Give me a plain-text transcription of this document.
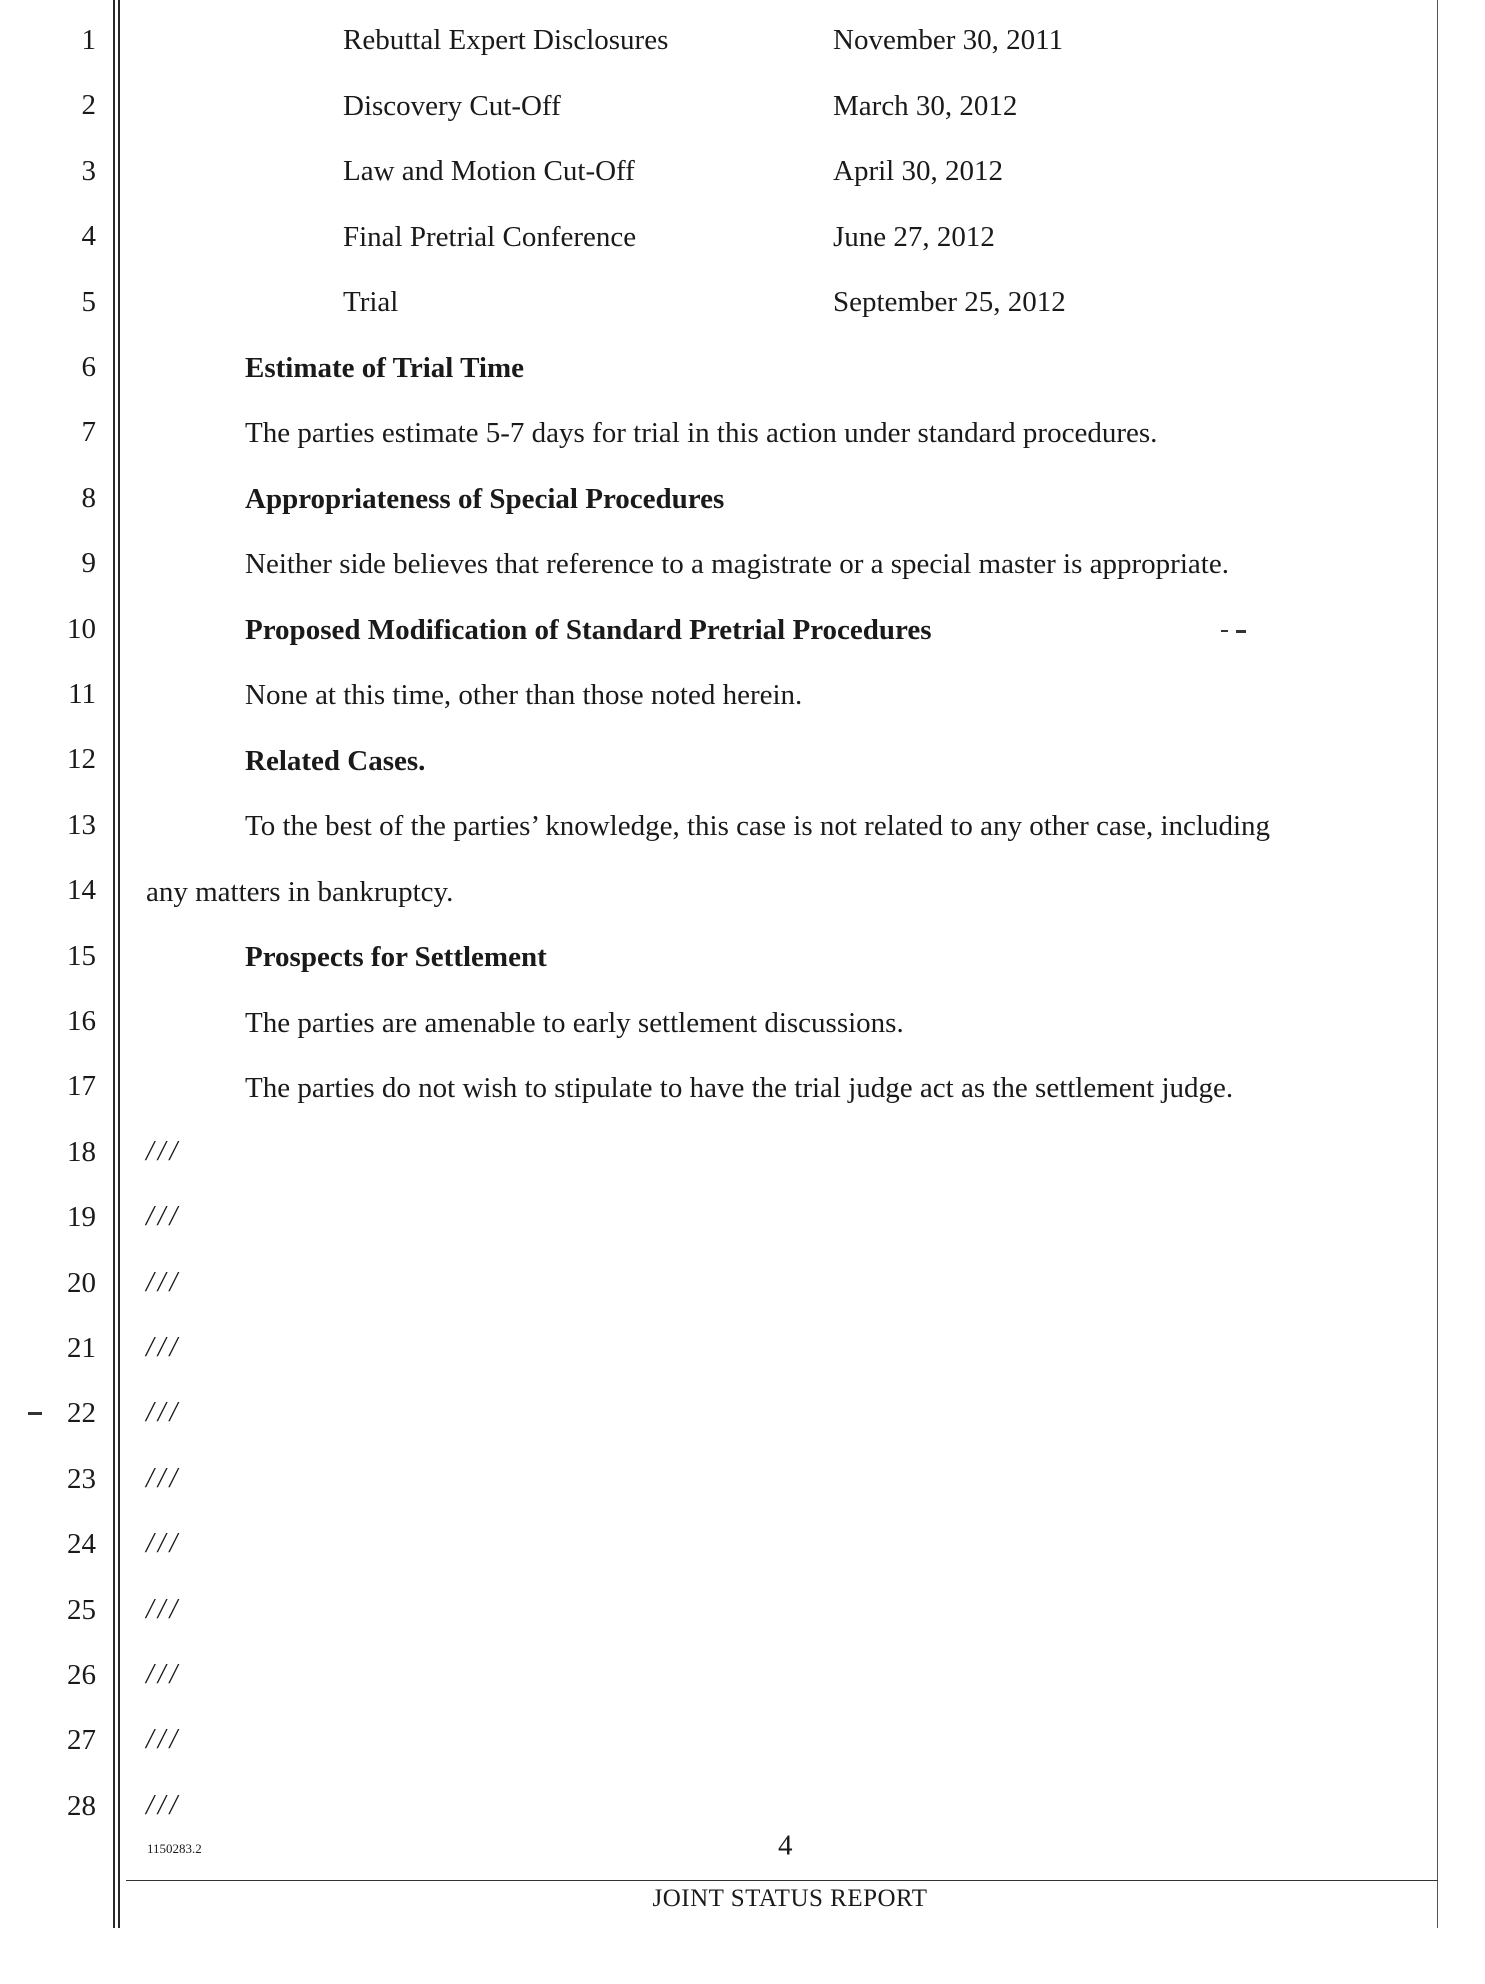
1
2
3
4
5
6
7
8
9
10
11
12
13
14
15
16
17
18
19
20
21
22
23
24
25
26
27
28
Rebuttal Expert Disclosures	November 30, 2011
Discovery Cut-Off	March 30, 2012
Law and Motion Cut-Off	April 30, 2012
Final Pretrial Conference	June 27, 2012
Trial	September 25, 2012
Estimate of Trial Time
The parties estimate 5-7 days for trial in this action under standard procedures.
Appropriateness of Special Procedures
Neither side believes that reference to a magistrate or a special master is appropriate.
Proposed Modification of Standard Pretrial Procedures
None at this time, other than those noted herein.
Related Cases.
To the best of the parties’ knowledge, this case is not related to any other case, including
any matters in bankruptcy.
Prospects for Settlement
The parties are amenable to early settlement discussions.
The parties do not wish to stipulate to have the trial judge act as the settlement judge.
///
///
///
///
///
///
///
///
///
///
///
1150283.2	4
JOINT STATUS REPORT
